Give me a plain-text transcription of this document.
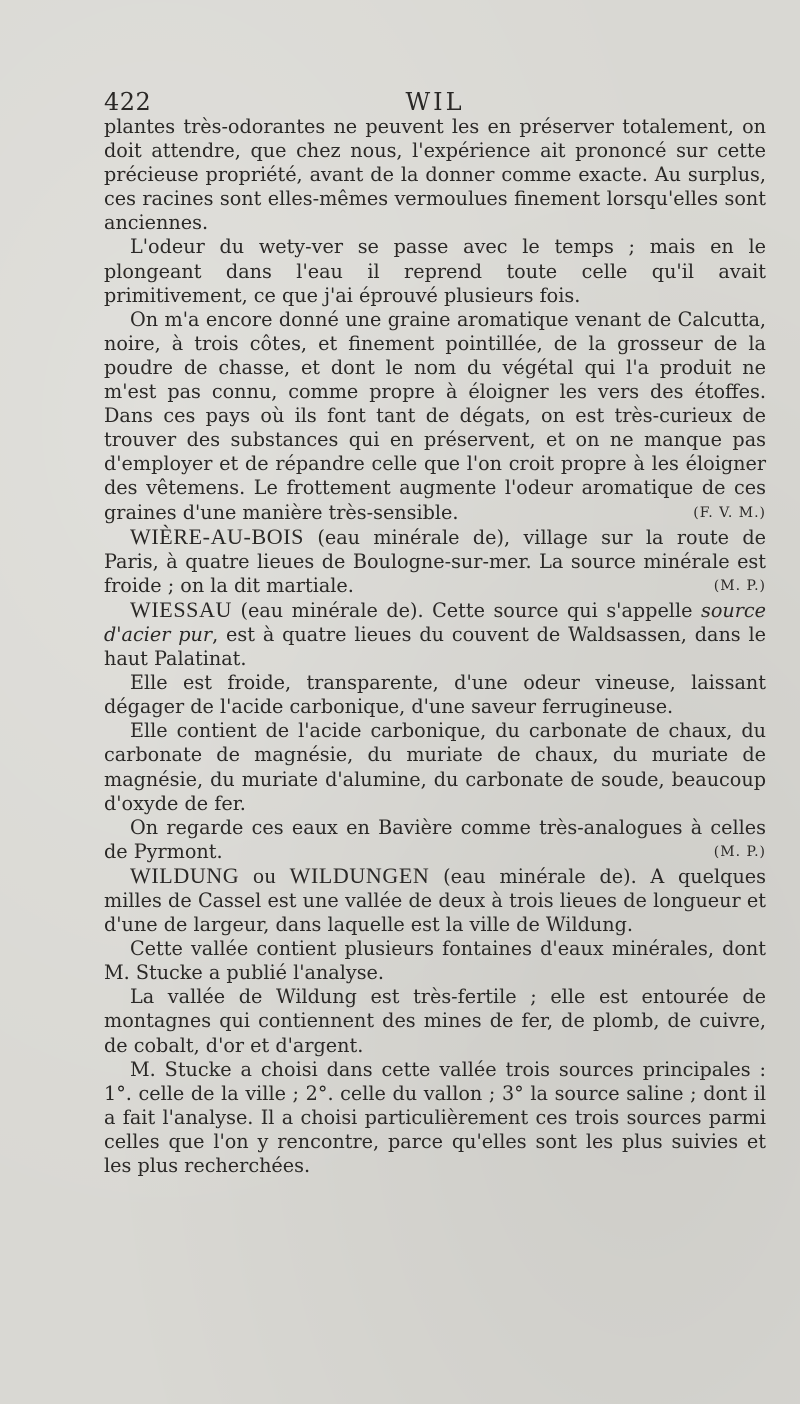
422	WIL

plantes très-odorantes ne peuvent les en préserver totalement, on doit attendre, que chez nous, l'expérience ait prononcé sur cette précieuse propriété, avant de la donner comme exacte. Au surplus, ces racines sont elles-mêmes vermoulues finement lorsqu'elles sont anciennes.

L'odeur du wety-ver se passe avec le temps ; mais en le plongeant dans l'eau il reprend toute celle qu'il avait primitivement, ce que j'ai éprouvé plusieurs fois.

On m'a encore donné une graine aromatique venant de Calcutta, noire, à trois côtes, et finement pointillée, de la grosseur de la poudre de chasse, et dont le nom du végétal qui l'a produit ne m'est pas connu, comme propre à éloigner les vers des étoffes. Dans ces pays où ils font tant de dégats, on est très-curieux de trouver des substances qui en préservent, et on ne manque pas d'employer et de répandre celle que l'on croit propre à les éloigner des vêtemens. Le frottement augmente l'odeur aromatique de ces graines d'une manière très-sensible.	(F. V. M.)

WIÈRE-AU-BOIS (eau minérale de), village sur la route de Paris, à quatre lieues de Boulogne-sur-mer. La source minérale est froide ; on la dit martiale.	(M. P.)

WIESSAU (eau minérale de). Cette source qui s'appelle source d'acier pur, est à quatre lieues du couvent de Waldsassen, dans le haut Palatinat.

Elle est froide, transparente, d'une odeur vineuse, laissant dégager de l'acide carbonique, d'une saveur ferrugineuse.

Elle contient de l'acide carbonique, du carbonate de chaux, du carbonate de magnésie, du muriate de chaux, du muriate de magnésie, du muriate d'alumine, du carbonate de soude, beaucoup d'oxyde de fer.

On regarde ces eaux en Bavière comme très-analogues à celles de Pyrmont.	(M. P.)

WILDUNG ou WILDUNGEN (eau minérale de). A quelques milles de Cassel est une vallée de deux à trois lieues de longueur et d'une de largeur, dans laquelle est la ville de Wildung.

Cette vallée contient plusieurs fontaines d'eaux minérales, dont M. Stucke a publié l'analyse.

La vallée de Wildung est très-fertile ; elle est entourée de montagnes qui contiennent des mines de fer, de plomb, de cuivre, de cobalt, d'or et d'argent.

M. Stucke a choisi dans cette vallée trois sources principales : 1°. celle de la ville ; 2°. celle du vallon ; 3° la source saline ; dont il a fait l'analyse. Il a choisi particulièrement ces trois sources parmi celles que l'on y rencontre, parce qu'elles sont les plus suivies et les plus recherchées.
